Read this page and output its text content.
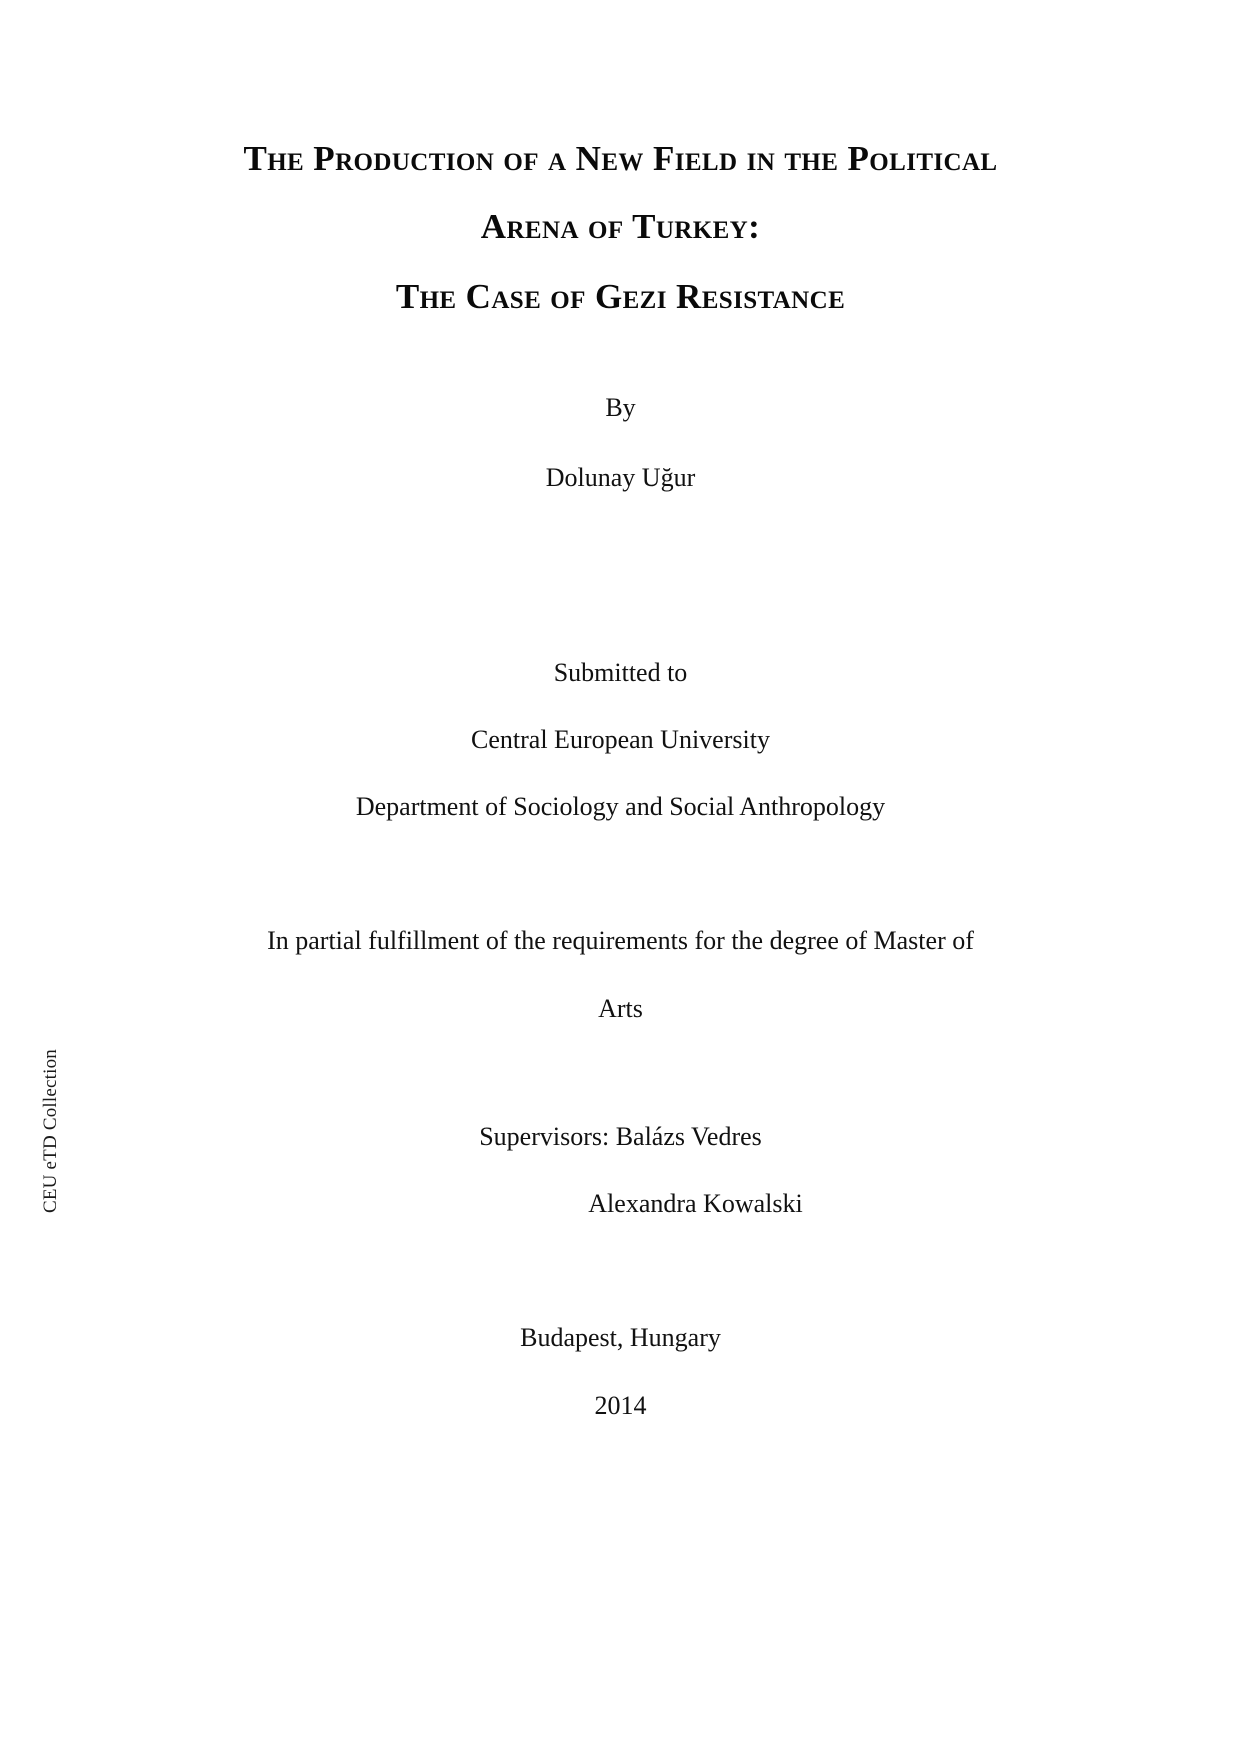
CEU eTD Collection
The Production of a New Field in the Political
Arena of Turkey:
The Case of Gezi Resistance
By
Dolunay Uğur
Submitted to
Central European University
Department of Sociology and Social Anthropology
In partial fulfillment of the requirements for the degree of Master of
Arts
Supervisors: Balázs Vedres
Alexandra Kowalski
Budapest, Hungary
2014
